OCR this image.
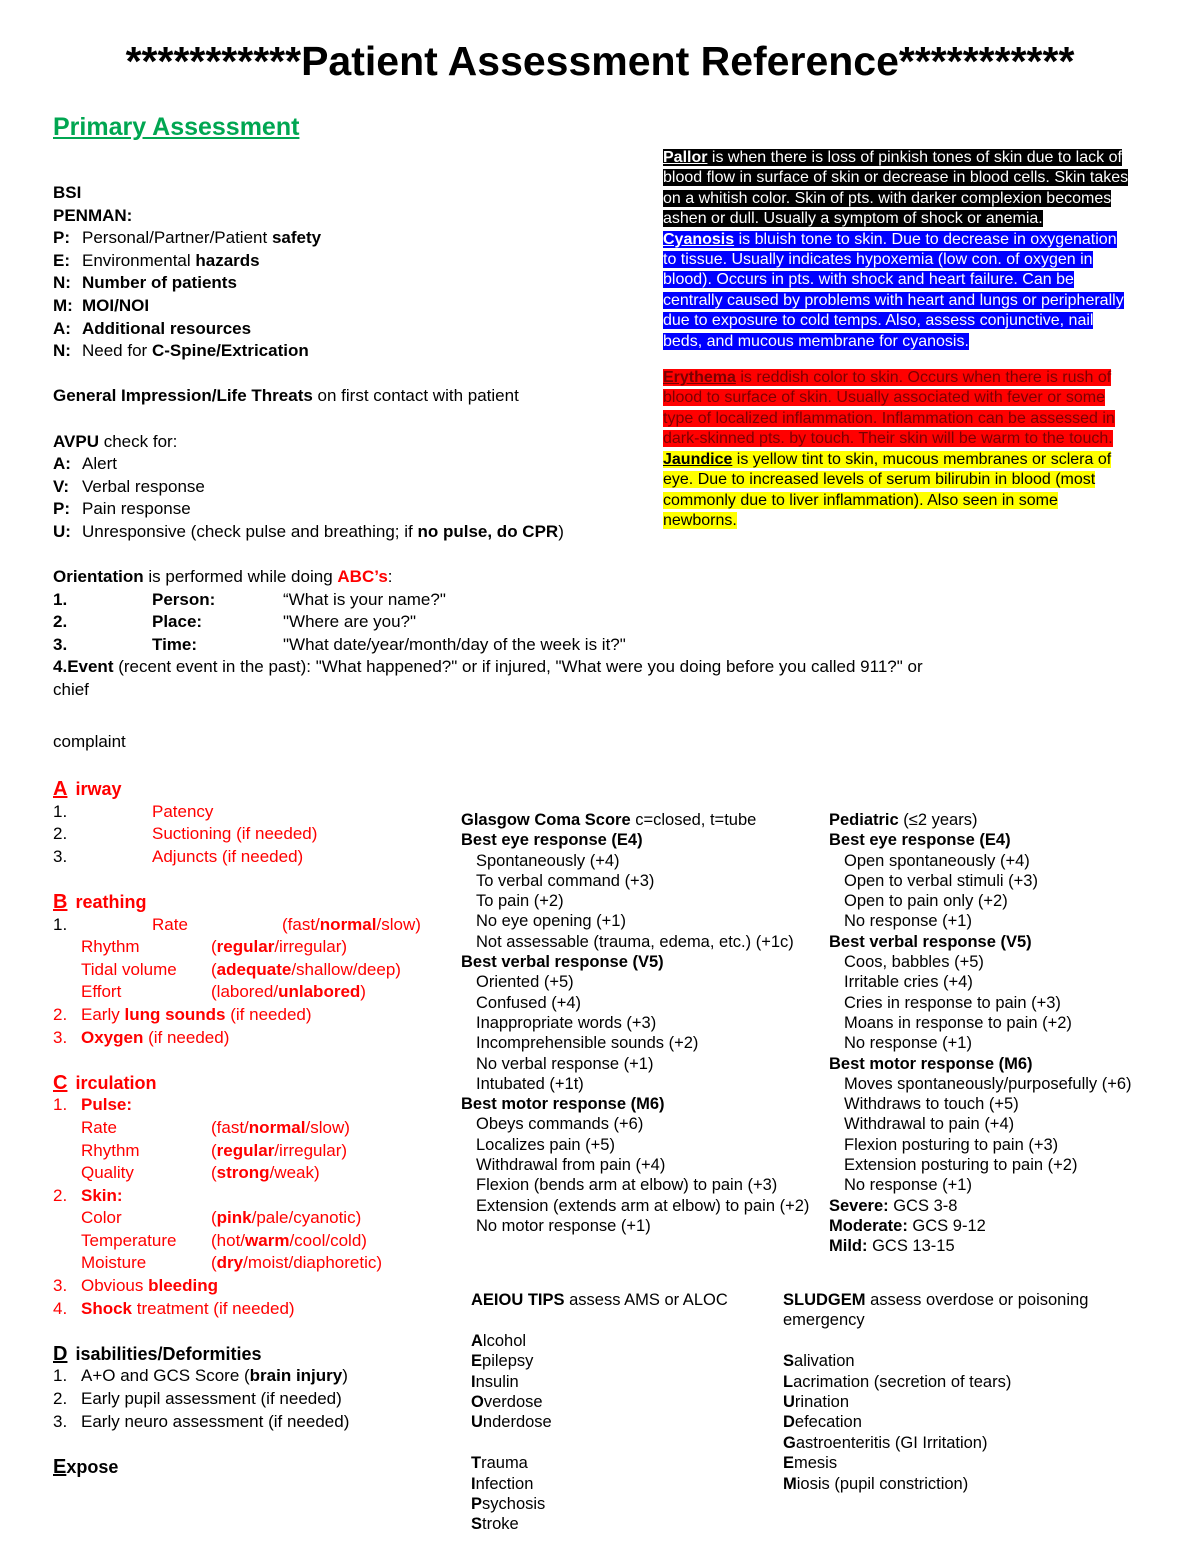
***********Patient Assessment Reference***********
Primary Assessment
BSI
PENMAN:
P: Personal/Partner/Patient safety
E: Environmental hazards
N: Number of patients
M: MOI/NOI
A: Additional resources
N: Need for C-Spine/Extrication
General Impression/Life Threats on first contact with patient
AVPU check for:
A: Alert
V: Verbal response
P: Pain response
U: Unresponsive (check pulse and breathing; if no pulse, do CPR)
Orientation is performed while doing ABC’s:
1.	Person:	“What is your name?"
2.	Place:	"Where are you?"
3.	Time:	"What date/year/month/day of the week is it?"
4. Event (recent event in the past): "What happened?" or if injured, "What were you doing before you called 911?" or
chief
complaint
A irway
1.	Patency
2.	Suctioning (if needed)
3.	Adjuncts (if needed)
B reathing
1.	Rate	(fast/normal/slow)
Rhythm	(regular/irregular)
Tidal volume (adequate/shallow/deep)
Effort	(labored/unlabored)
2. Early lung sounds (if needed)
3. Oxygen (if needed)
C irculation
1. Pulse:
Rate	(fast/normal/slow)
Rhythm	(regular/irregular)
Quality	(strong/weak)
2. Skin:
Color	(pink/pale/cyanotic)
Temperature (hot/warm/cool/cold)
Moisture	(dry/moist/diaphoretic)
3. Obvious bleeding
4. Shock treatment (if needed)
D isabilities/Deformities
1. A+O and GCS Score (brain injury)
2. Early pupil assessment (if needed)
3. Early neuro assessment (if needed)
Expose
Glasgow Coma Score c=closed, t=tube
Best eye response (E4)
Spontaneously (+4)
To verbal command (+3)
To pain (+2)
No eye opening (+1)
Not assessable (trauma, edema, etc.) (+1c)
Best verbal response (V5)
Oriented (+5)
Confused (+4)
Inappropriate words (+3)
Incomprehensible sounds (+2)
No verbal response (+1)
Intubated (+1t)
Best motor response (M6)
Obeys commands (+6)
Localizes pain (+5)
Withdrawal from pain (+4)
Flexion (bends arm at elbow) to pain (+3)
Extension (extends arm at elbow) to pain (+2)
No motor response (+1)
Pediatric (≤2 years)
Best eye response (E4)
Open spontaneously (+4)
Open to verbal stimuli (+3)
Open to pain only (+2)
No response (+1)
Best verbal response (V5)
Coos, babbles (+5)
Irritable cries (+4)
Cries in response to pain (+3)
Moans in response to pain (+2)
No response (+1)
Best motor response (M6)
Moves spontaneously/purposefully (+6)
Withdraws to touch (+5)
Withdrawal to pain (+4)
Flexion posturing to pain (+3)
Extension posturing to pain (+2)
No response (+1)
Severe: GCS 3-8
Moderate: GCS 9-12
Mild: GCS 13-15
Pallor is when there is loss of pinkish tones of skin due to lack of blood flow in surface of skin or decrease in blood cells. Skin takes on a whitish color. Skin of pts. with darker complexion becomes ashen or dull. Usually a symptom of shock or anemia.
Cyanosis is bluish tone to skin. Due to decrease in oxygenation to tissue. Usually indicates hypoxemia (low con. of oxygen in blood). Occurs in pts. with shock and heart failure. Can be centrally caused by problems with heart and lungs or peripherally due to exposure to cold temps. Also, assess conjunctive, nail beds, and mucous membrane for cyanosis.
Erythema is reddish color to skin. Occurs when there is rush of blood to surface of skin. Usually associated with fever or some type of localized inflammation. Inflammation can be assessed in dark-skinned pts. by touch. Their skin will be warm to the touch.
Jaundice is yellow tint to skin, mucous membranes or sclera of eye. Due to increased levels of serum bilirubin in blood (most commonly due to liver inflammation). Also seen in some newborns.
AEIOU TIPS assess AMS or ALOC
Alcohol
Epilepsy
Insulin
Overdose
Underdose
Trauma
Infection
Psychosis
Stroke
SLUDGEM assess overdose or poisoning
emergency
Salivation
Lacrimation (secretion of tears)
Urination
Defecation
Gastroenteritis (GI Irritation)
Emesis
Miosis (pupil constriction)
